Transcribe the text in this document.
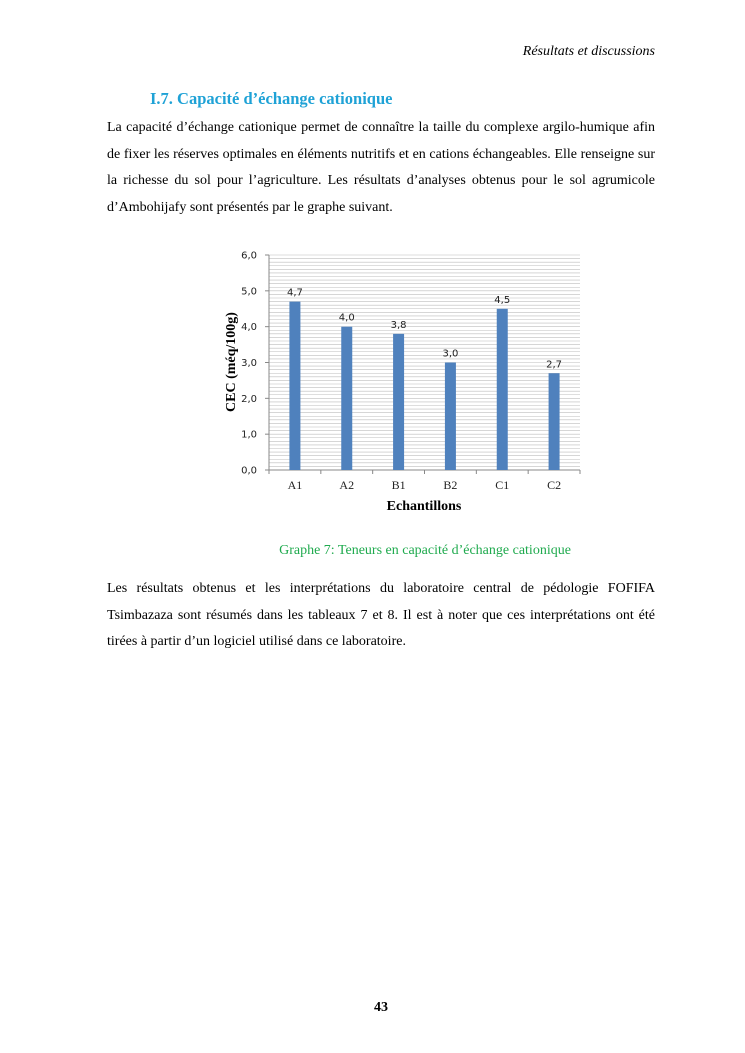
Résultats et discussions
I.7. Capacité d’échange cationique
La capacité d’échange cationique permet de connaître la taille du complexe argilo-humique afin de fixer les réserves optimales en éléments nutritifs et en cations échangeables. Elle renseigne sur la richesse du sol pour l’agriculture. Les résultats d’analyses obtenus pour le sol agrumicole d’Ambohijafy sont présentés par le graphe suivant.
0,0
1,0
2,0
3,0
4,0
5,0
6,0
4,7
A1
4,0
A2
3,8
B1
3,0
B2
4,5
C1
2,7
C2
CEC (méq/100g)
Echantillons
Graphe 7: Teneurs en capacité d’échange cationique
Les résultats obtenus et les interprétations du laboratoire central de pédologie FOFIFA Tsimbazaza sont résumés dans les tableaux 7 et 8. Il est à noter que ces interprétations ont été tirées à partir d’un logiciel utilisé dans ce laboratoire.
43
